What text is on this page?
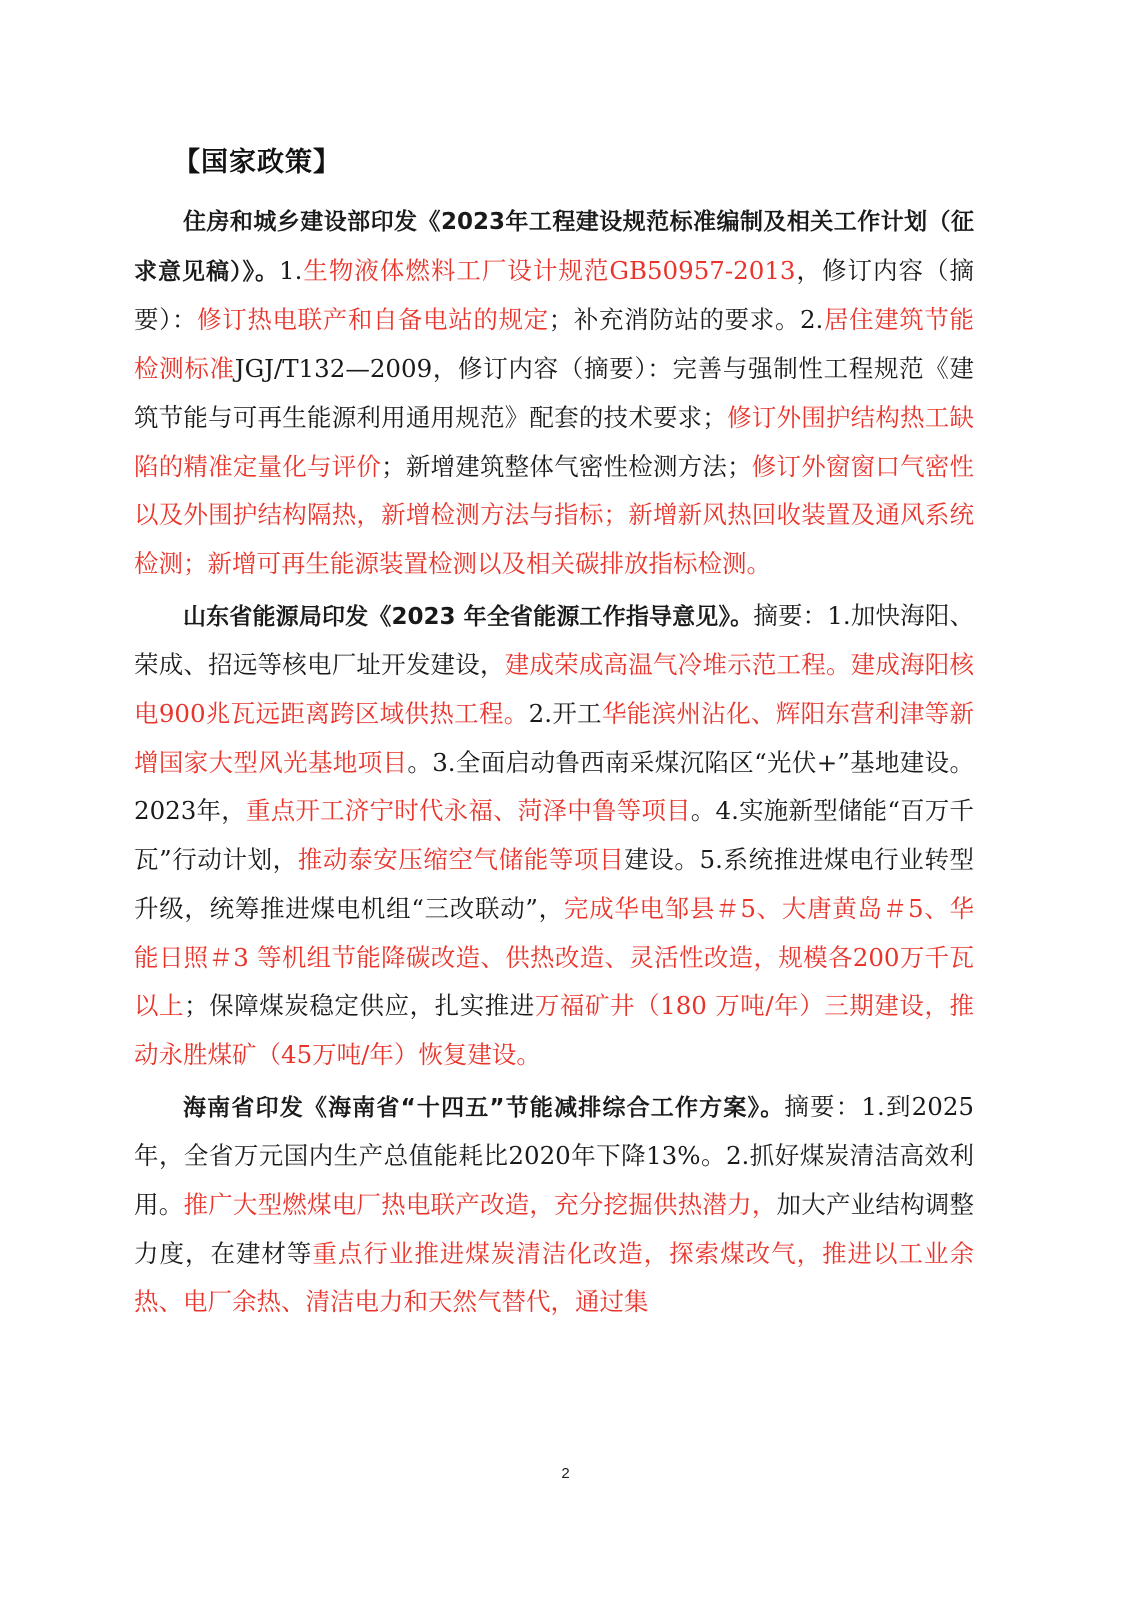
【国家政策】

住房和城乡建设部印发《2023年工程建设规范标准编制及相关工作计划（征求意见稿）》。1.生物液体燃料工厂设计规范GB50957-2013，修订内容（摘要）：修订热电联产和自备电站的规定；补充消防站的要求。2.居住建筑节能检测标准JGJ/T132—2009，修订内容（摘要）：完善与强制性工程规范《建筑节能与可再生能源利用通用规范》配套的技术要求；修订外围护结构热工缺陷的精准定量化与评价；新增建筑整体气密性检测方法；修订外窗窗口气密性以及外围护结构隔热，新增检测方法与指标；新增新风热回收装置及通风系统检测；新增可再生能源装置检测以及相关碳排放指标检测。

山东省能源局印发《2023 年全省能源工作指导意见》。摘要：1.加快海阳、荣成、招远等核电厂址开发建设，建成荣成高温气冷堆示范工程。建成海阳核电900兆瓦远距离跨区域供热工程。2.开工华能滨州沾化、辉阳东营利津等新增国家大型风光基地项目。3.全面启动鲁西南采煤沉陷区“光伏+”基地建设。2023年，重点开工济宁时代永福、菏泽中鲁等项目。4.实施新型储能“百万千瓦”行动计划，推动泰安压缩空气储能等项目建设。5.系统推进煤电行业转型升级，统筹推进煤电机组“三改联动”，完成华电邹县＃5、大唐黄岛＃5、华能日照＃3 等机组节能降碳改造、供热改造、灵活性改造，规模各200万千瓦以上；保障煤炭稳定供应，扎实推进万福矿井（180 万吨/年）三期建设，推动永胜煤矿（45万吨/年）恢复建设。

海南省印发《海南省“十四五”节能减排综合工作方案》。摘要：1.到2025年，全省万元国内生产总值能耗比2020年下降13%。2.抓好煤炭清洁高效利用。推广大型燃煤电厂热电联产改造，充分挖掘供热潜力，加大产业结构调整力度，在建材等重点行业推进煤炭清洁化改造，探索煤改气，推进以工业余热、电厂余热、清洁电力和天然气替代，通过集

2
